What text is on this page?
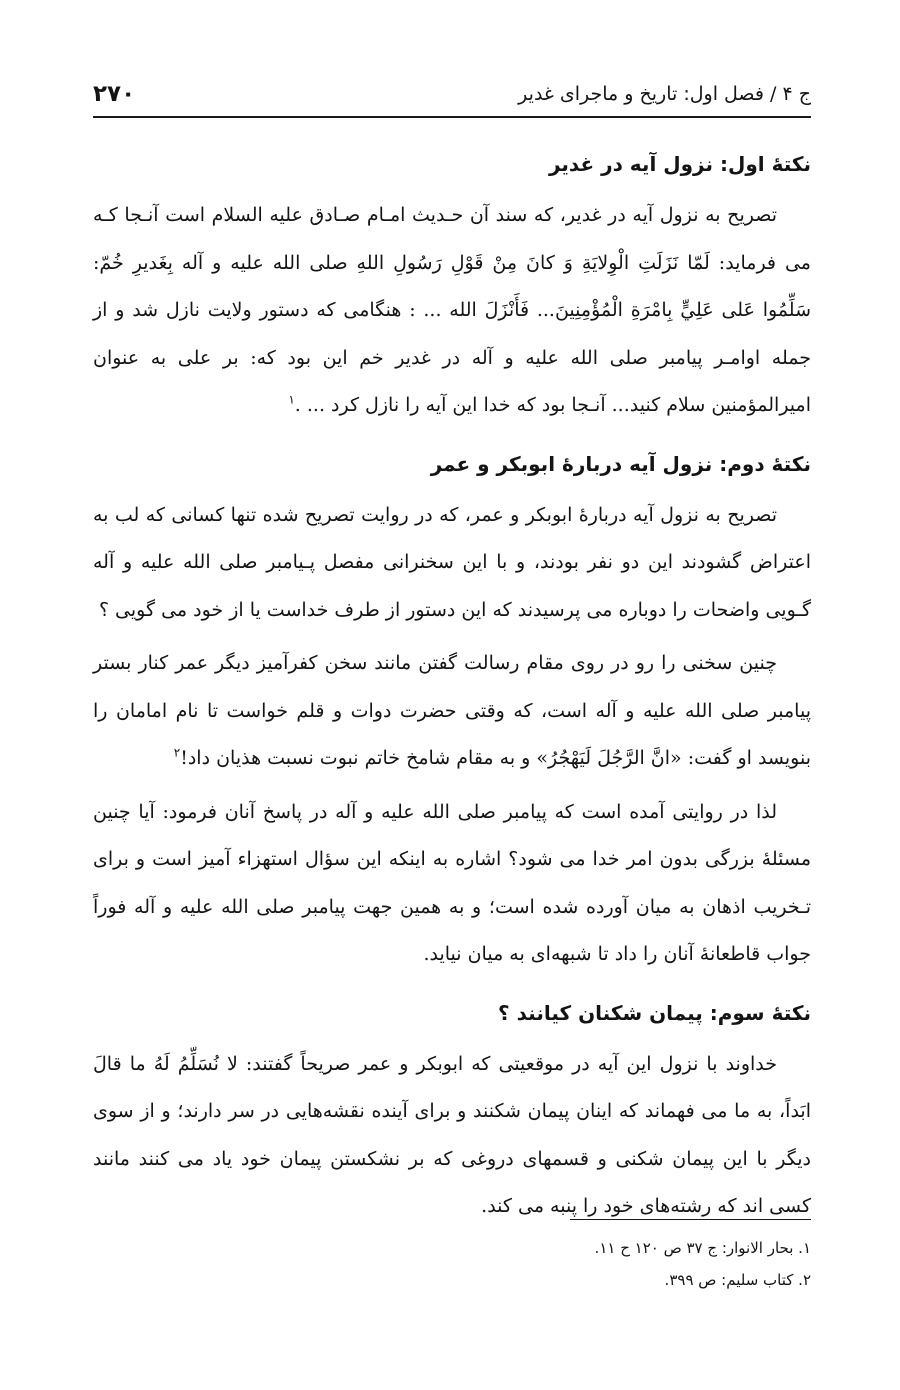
۲۷۰	ج ۴ / فصل اول: تاريخ و ماجراى غدير
نكتهٔ اول: نزول آيه در غدير

تصريح به نزول آيه در غدير، كه سند آن حـديث امـام صـادق عليه السلام است آنـجا كـه مى فرمايد: لَمّا نَزَلَتِ الْوِلايَةِ وَ كانَ مِنْ قَوْلِ رَسُولِ اللهِ صلى الله عليه و آله بِغَديرِ خُمّ: سَلِّمُوا عَلى عَلِيٍّ بِامْرَةِ الْمُؤْمِنِينَ... فَأَنْزَلَ الله ... : هنگامى كه دستور ولايت نازل شد و از جمله اوامـر پيامبر صلى الله عليه و آله در غدير خم اين بود كه: بر على به عنوان اميرالمؤمنين سلام كنيد... آنـجا بود كه خدا اين آيه را نازل كرد ... .$^۱$

نكتهٔ دوم: نزول آيه دربارهٔ ابوبكر و عمر

تصريح به نزول آيه دربارهٔ ابوبكر و عمر، كه در روايت تصريح شده تنها كسانى كه لب به اعتراض گشودند اين دو نفر بودند، و با اين سخنرانى مفصل پـيامبر صلى الله عليه و آله گـويى واضحات را دوباره مى پرسيدند كه اين دستور از طرف خداست يا از خود مى گويى ؟

چنين سخنى را رو در روى مقام رسالت گفتن مانند سخن كفرآميز ديگر عمر كنار بستر پيامبر صلى الله عليه و آله است، كه وقتى حضرت دوات و قلم خواست تا نام امامان را بنويسد او گفت: «انَّ الرَّجُلَ لَيَهْجُرُ» و به مقام شامخ خاتم نبوت نسبت هذيان داد!$^۲$

لذا در روايتى آمده است كه پيامبر صلى الله عليه و آله در پاسخ آنان فرمود: آيا چنين مسئلهٔ بزرگى بدون امر خدا مى شود؟ اشاره به اينكه اين سؤال استهزاء آميز است و براى تـخريب اذهان به ميان آورده شده است؛ و به همين جهت پيامبر صلى الله عليه و آله فوراً جواب قاطعانهٔ آنان را داد تا شبهه‌اى به ميان نيايد.

نكتهٔ سوم: پيمان شكنان كيانند ؟

خداوند با نزول اين آيه در موقعيتى كه ابوبكر و عمر صريحاً گفتند: لا نُسَلِّمُ لَهُ ما قالَ ابَداً، به ما مى فهماند كه اينان پيمان شكنند و براى آينده نقشه‌هايى در سر دارند؛ و از سوى ديگر با اين پيمان شكنى و قسمهاى دروغى كه بر نشكستن پيمان خود ياد مى كنند مانند كسى اند كه رشته‌هاى خود را پنبه مى كند.

۱. بحار الانوار: ج ۳۷ ص ۱۲۰ ح ۱۱.

۲. كتاب سليم: ص ۳۹۹.
